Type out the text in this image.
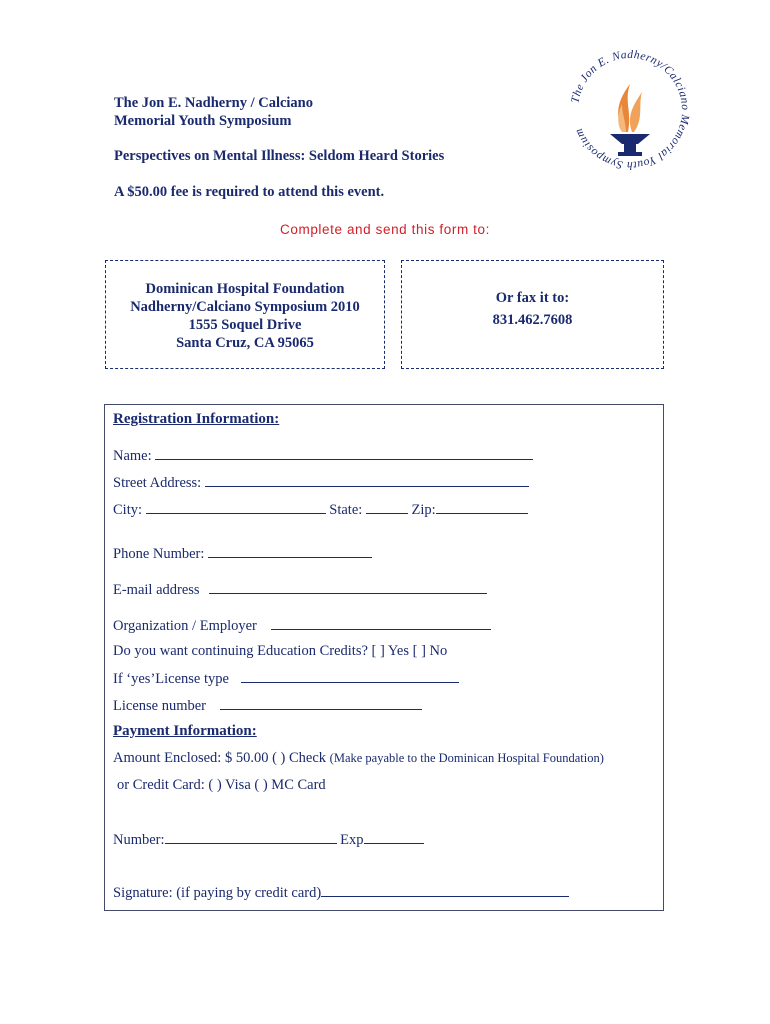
The Jon E. Nadherny / Calciano
Memorial Youth Symposium
Perspectives on Mental Illness: Seldom Heard Stories
A $50.00 fee is required to attend this event.
The Jon E. Nadherny/Calciano Memorial Youth Symposium
Complete and send this form to:
Dominican Hospital Foundation
Nadherny/Calciano Symposium 2010
1555 Soquel Drive
Santa Cruz, CA 95065
Or fax it to:
831.462.7608
Registration Information:
Name:
Street Address:
City:	State:	Zip:
Phone Number:
E-mail address
Organization / Employer
Do you want continuing Education Credits? [ ] Yes [ ] No
If ‘yes’License type
License number
Payment Information:
Amount Enclosed: $ 50.00 ( ) Check (Make payable to the Dominican Hospital Foundation)
or Credit Card: ( ) Visa ( ) MC Card
Number:	Exp
Signature: (if paying by credit card)
